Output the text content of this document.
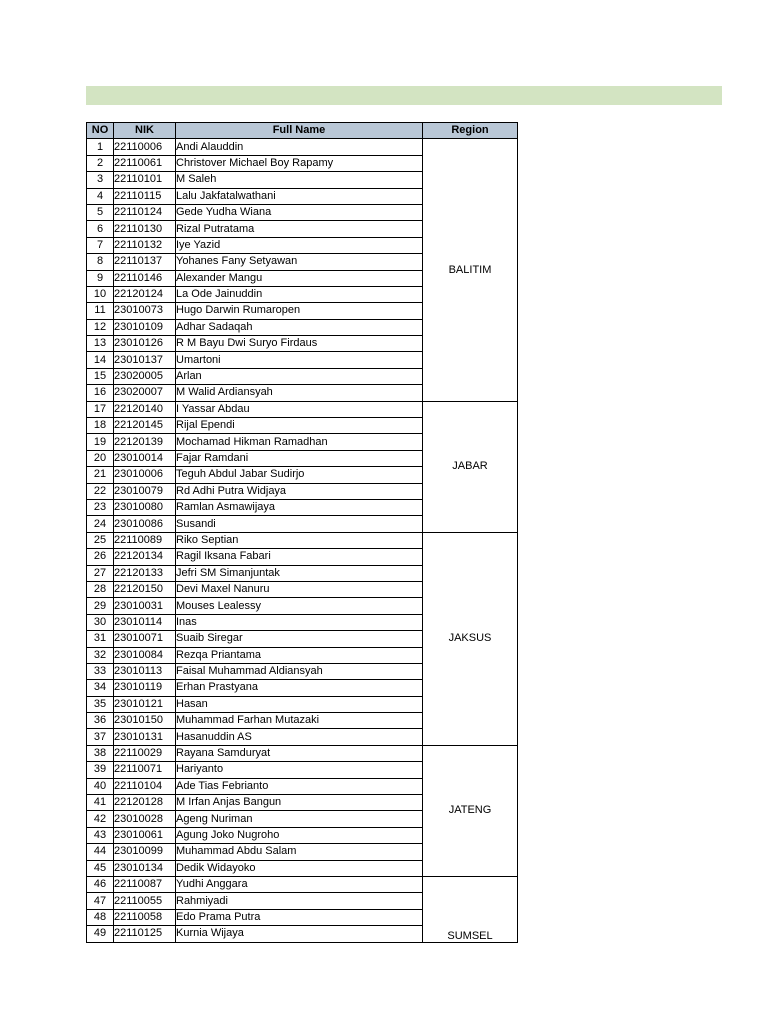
NO	NIK	Full Name	Region
1	22110006	Andi Alauddin	BALITIM
2	22110061	Christover Michael Boy Rapamy	
3	22110101	M Saleh	
4	22110115	Lalu Jakfatalwathani	
5	22110124	Gede Yudha Wiana	
6	22110130	Rizal Putratama	
7	22110132	Iye Yazid	
8	22110137	Yohanes Fany Setyawan	
9	22110146	Alexander Mangu	
10	22120124	La Ode Jainuddin	
11	23010073	Hugo Darwin Rumaropen	
12	23010109	Adhar Sadaqah	
13	23010126	R M Bayu Dwi Suryo Firdaus	
14	23010137	Umartoni	
15	23020005	Arlan	
16	23020007	M Walid Ardiansyah	
17	22120140	I Yassar Abdau	JABAR
18	22120145	Rijal Ependi	
19	22120139	Mochamad Hikman Ramadhan	
20	23010014	Fajar Ramdani	
21	23010006	Teguh Abdul Jabar Sudirjo	
22	23010079	Rd Adhi Putra Widjaya	
23	23010080	Ramlan Asmawijaya	
24	23010086	Susandi	
25	22110089	Riko Septian	JAKSUS
26	22120134	Ragil Iksana Fabari	
27	22120133	Jefri SM Simanjuntak	
28	22120150	Devi Maxel Nanuru	
29	23010031	Mouses Lealessy	
30	23010114	Inas	
31	23010071	Suaib Siregar	
32	23010084	Rezqa Priantama	
33	23010113	Faisal Muhammad Aldiansyah	
34	23010119	Erhan Prastyana	
35	23010121	Hasan	
36	23010150	Muhammad Farhan Mutazaki	
37	23010131	Hasanuddin AS	
38	22110029	Rayana Samduryat	JATENG
39	22110071	Hariyanto	
40	22110104	Ade Tias Febrianto	
41	22120128	M Irfan Anjas Bangun	
42	23010028	Ageng Nuriman	
43	23010061	Agung Joko Nugroho	
44	23010099	Muhammad Abdu Salam	
45	23010134	Dedik Widayoko	
46	22110087	Yudhi Anggara	SUMSEL
47	22110055	Rahmiyadi	
48	22110058	Edo Prama Putra	
49	22110125	Kurnia Wijaya	
